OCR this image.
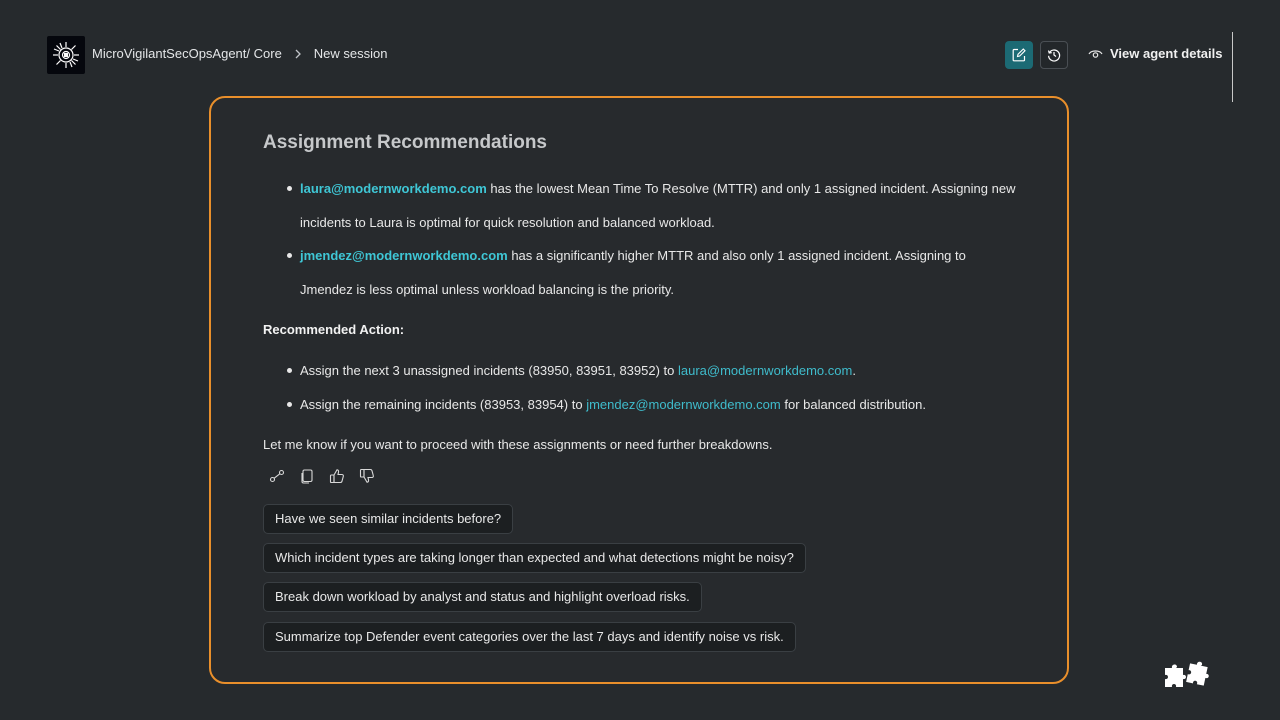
MicroVigilantSecOpsAgent/ Core New session	View agent details
Assignment Recommendations
laura@modernworkdemo.com has the lowest Mean Time To Resolve (MTTR) and only 1 assigned incident. Assigning new
incidents to Laura is optimal for quick resolution and balanced workload.
jmendez@modernworkdemo.com has a significantly higher MTTR and also only 1 assigned incident. Assigning to
Jmendez is less optimal unless workload balancing is the priority.
Recommended Action:
Assign the next 3 unassigned incidents (83950, 83951, 83952) to laura@modernworkdemo.com.
Assign the remaining incidents (83953, 83954) to jmendez@modernworkdemo.com for balanced distribution.
Let me know if you want to proceed with these assignments or need further breakdowns.
Have we seen similar incidents before?
Which incident types are taking longer than expected and what detections might be noisy?
Break down workload by analyst and status and highlight overload risks.
Summarize top Defender event categories over the last 7 days and identify noise vs risk.
